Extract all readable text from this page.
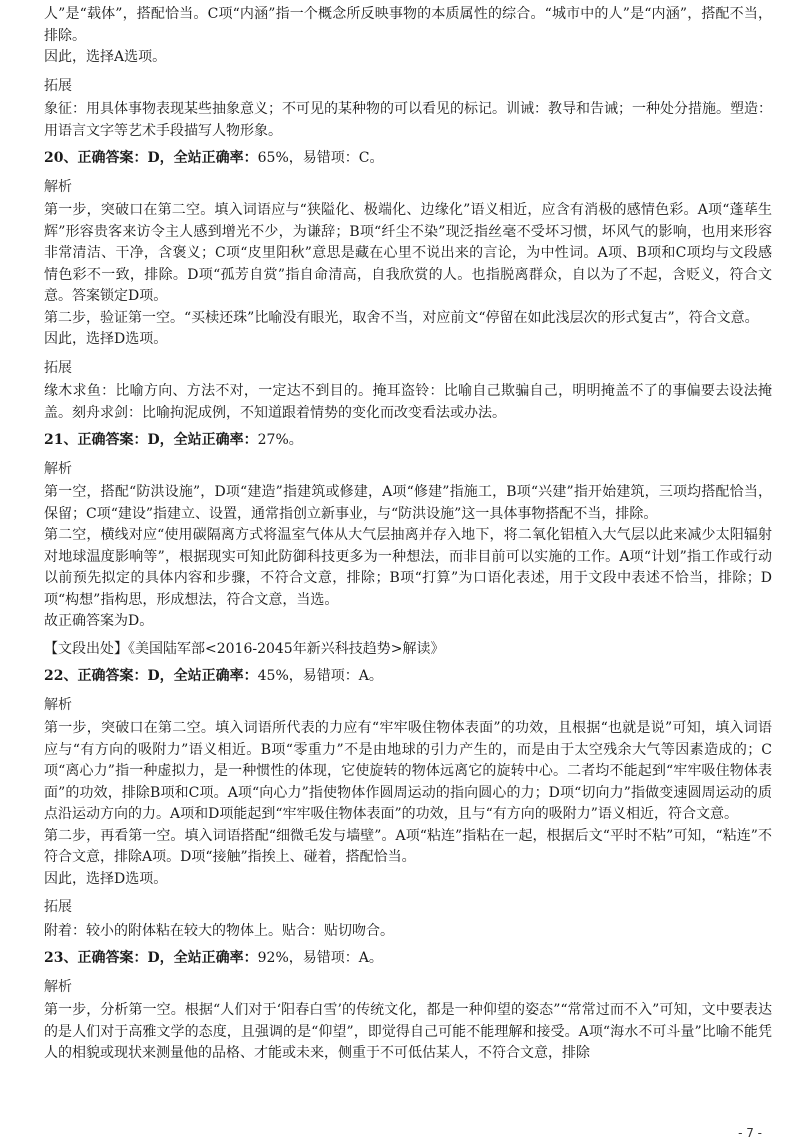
人”是“载体”，搭配恰当。C项“内涵”指一个概念所反映事物的本质属性的综合。“城市中的人”是“内涵”，搭配不当，排除。

因此，选择A选项。

拓展

象征：用具体事物表现某些抽象意义；不可见的某种物的可以看见的标记。训诫：教导和告诫；一种处分措施。塑造：用语言文字等艺术手段描写人物形象。

20、正确答案：D，全站正确率：65%，易错项：C。

解析

第一步，突破口在第二空。填入词语应与“狭隘化、极端化、边缘化”语义相近，应含有消极的感情色彩。A项“蓬荜生辉”形容贵客来访令主人感到增光不少，为谦辞；B项“纤尘不染”现泛指丝毫不受坏习惯，坏风气的影响，也用来形容非常清洁、干净，含褒义；C项“皮里阳秋”意思是藏在心里不说出来的言论，为中性词。A项、B项和C项均与文段感情色彩不一致，排除。D项“孤芳自赏”指自命清高，自我欣赏的人。也指脱离群众，自以为了不起，含贬义，符合文意。答案锁定D项。

第二步，验证第一空。“买椟还珠”比喻没有眼光，取舍不当，对应前文“停留在如此浅层次的形式复古”，符合文意。

因此，选择D选项。

拓展

缘木求鱼：比喻方向、方法不对，一定达不到目的。掩耳盗铃：比喻自己欺骗自己，明明掩盖不了的事偏要去设法掩盖。刻舟求剑：比喻拘泥成例，不知道跟着情势的变化而改变看法或办法。

21、正确答案：D，全站正确率：27%。

解析

第一空，搭配“防洪设施”，D项“建造”指建筑或修建，A项“修建”指施工，B项“兴建”指开始建筑，三项均搭配恰当，保留；C项“建设”指建立、设置，通常指创立新事业，与“防洪设施”这一具体事物搭配不当，排除。

第二空，横线对应“使用碳隔离方式将温室气体从大气层抽离并存入地下，将二氧化铝植入大气层以此来减少太阳辐射对地球温度影响等”，根据现实可知此防御科技更多为一种想法，而非目前可以实施的工作。A项“计划”指工作或行动以前预先拟定的具体内容和步骤，不符合文意，排除；B项“打算”为口语化表述，用于文段中表述不恰当，排除；D项“构想”指构思，形成想法，符合文意，当选。

故正确答案为D。

【文段出处】《美国陆军部<2016-2045年新兴科技趋势>解读》

22、正确答案：D，全站正确率：45%，易错项：A。

解析

第一步，突破口在第二空。填入词语所代表的力应有“牢牢吸住物体表面”的功效，且根据“也就是说”可知，填入词语应与“有方向的吸附力”语义相近。B项“零重力”不是由地球的引力产生的，而是由于太空残余大气等因素造成的；C项“离心力”指一种虚拟力，是一种惯性的体现，它使旋转的物体远离它的旋转中心。二者均不能起到“牢牢吸住物体表面”的功效，排除B项和C项。A项“向心力”指使物体作圆周运动的指向圆心的力；D项“切向力”指做变速圆周运动的质点沿运动方向的力。A项和D项能起到“牢牢吸住物体表面”的功效，且与“有方向的吸附力”语义相近，符合文意。

第二步，再看第一空。填入词语搭配“细微毛发与墙壁”。A项“粘连”指粘在一起，根据后文“平时不粘”可知，“粘连”不符合文意，排除A项。D项“接触”指挨上、碰着，搭配恰当。

因此，选择D选项。

拓展

附着：较小的附体粘在较大的物体上。贴合：贴切吻合。

23、正确答案：D，全站正确率：92%，易错项：A。

解析

第一步，分析第一空。根据“人们对于‘阳春白雪’的传统文化，都是一种仰望的姿态”“常常过而不入”可知，文中要表达的是人们对于高雅文学的态度，且强调的是“仰望”，即觉得自己可能不能理解和接受。A项“海水不可斗量”比喻不能凭人的相貌或现状来测量他的品格、才能或未来，侧重于不可低估某人，不符合文意，排除

- 7 -
